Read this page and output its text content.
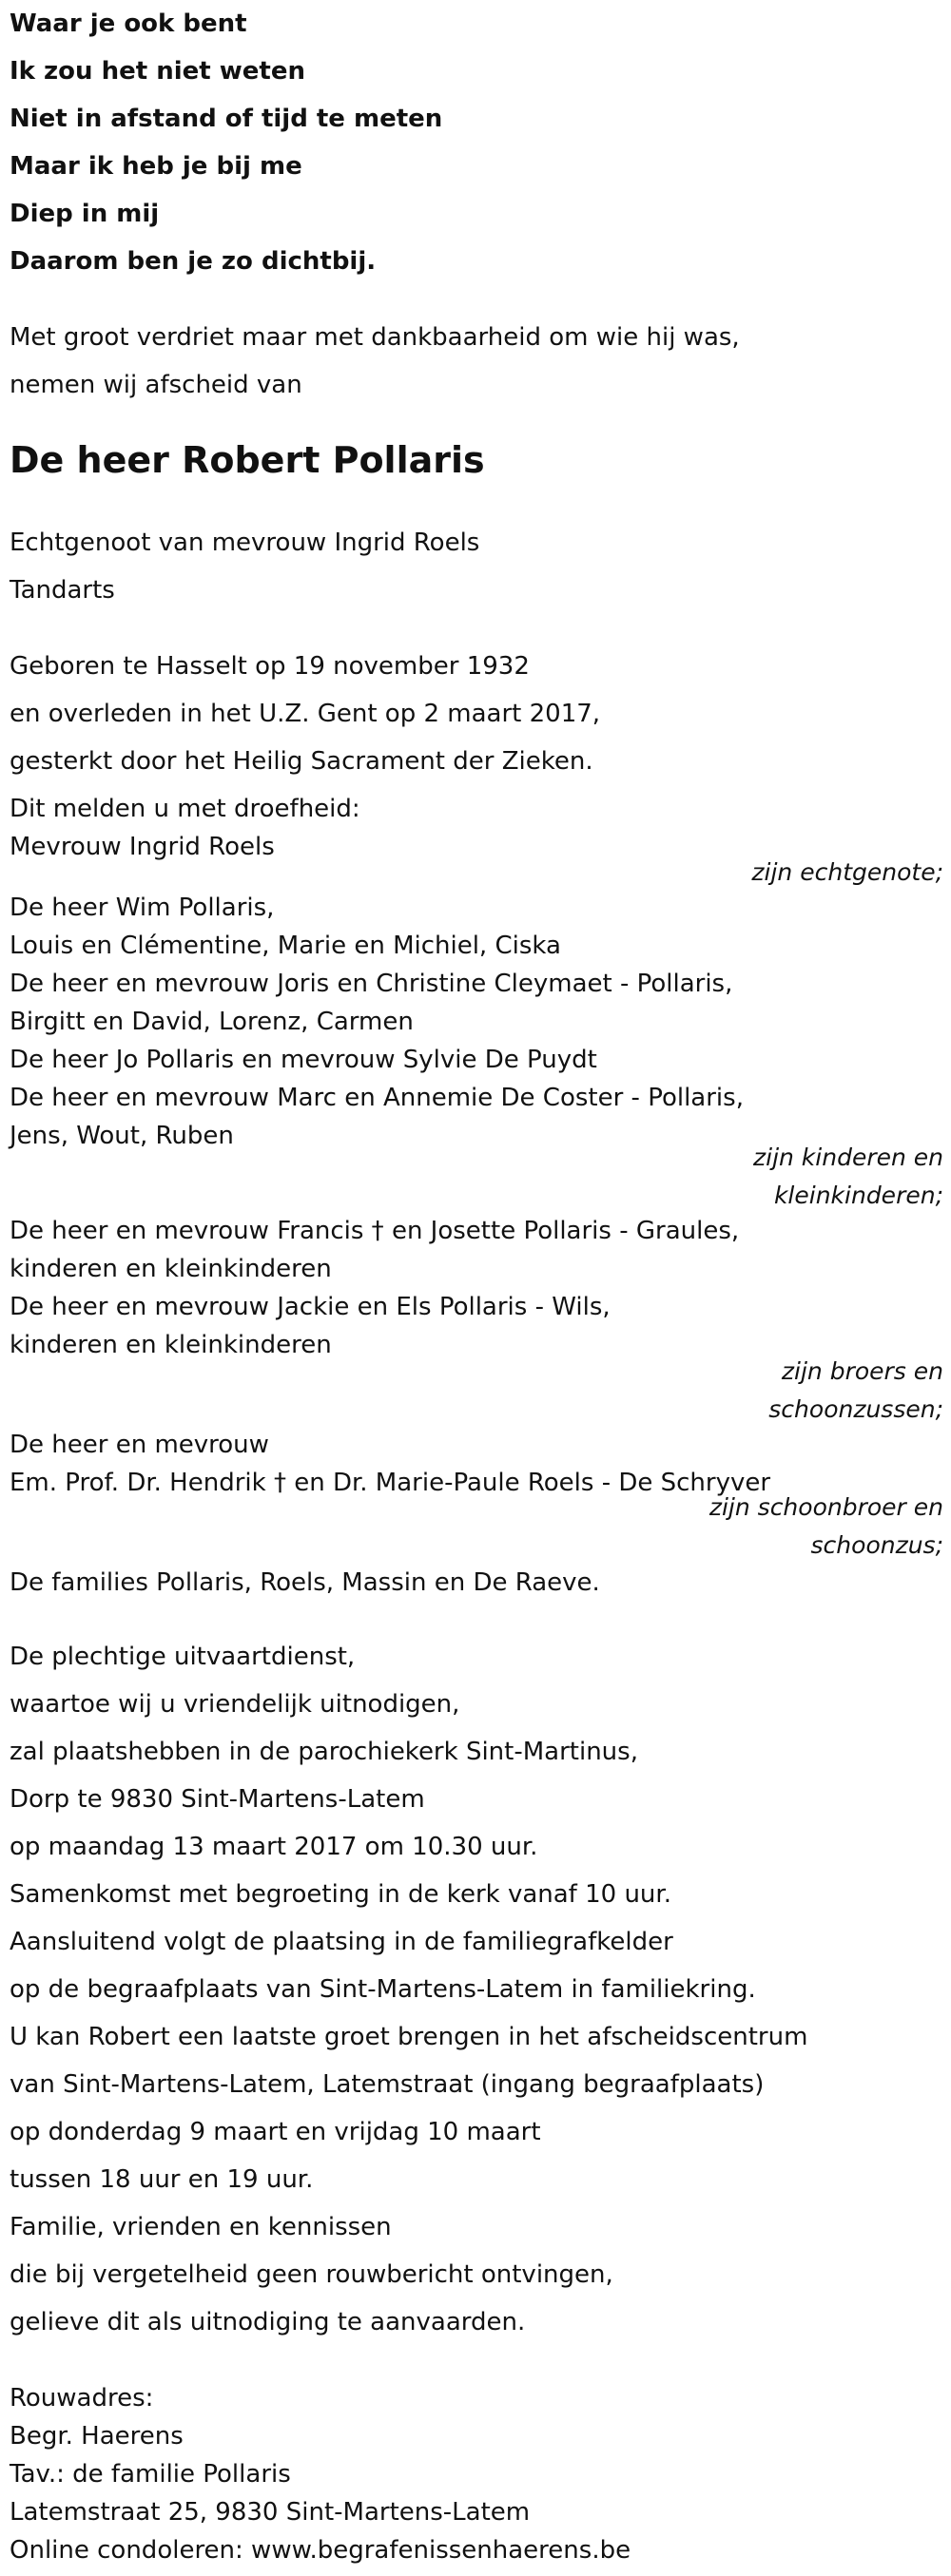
Waar je ook bent
Ik zou het niet weten
Niet in afstand of tijd te meten
Maar ik heb je bij me
Diep in mij
Daarom ben je zo dichtbij.
Met groot verdriet maar met dankbaarheid om wie hij was,
nemen wij afscheid van
De heer Robert Pollaris
Echtgenoot van mevrouw Ingrid Roels
Tandarts
Geboren te Hasselt op 19 november 1932
en overleden in het U.Z. Gent op 2 maart 2017,
gesterkt door het Heilig Sacrament der Zieken.
Dit melden u met droefheid:
Mevrouw Ingrid Roels
zijn echtgenote;
De heer Wim Pollaris,
Louis en Clémentine, Marie en Michiel, Ciska
De heer en mevrouw Joris en Christine Cleymaet - Pollaris,
Birgitt en David, Lorenz, Carmen
De heer Jo Pollaris en mevrouw Sylvie De Puydt
De heer en mevrouw Marc en Annemie De Coster - Pollaris,
Jens, Wout, Ruben
zijn kinderen en
kleinkinderen;
De heer en mevrouw Francis † en Josette Pollaris - Graules,
kinderen en kleinkinderen
De heer en mevrouw Jackie en Els Pollaris - Wils,
kinderen en kleinkinderen
zijn broers en
schoonzussen;
De heer en mevrouw
Em. Prof. Dr. Hendrik † en Dr. Marie-Paule Roels - De Schryver
zijn schoonbroer en
schoonzus;
De families Pollaris, Roels, Massin en De Raeve.
De plechtige uitvaartdienst,
waartoe wij u vriendelijk uitnodigen,
zal plaatshebben in de parochiekerk Sint-Martinus,
Dorp te 9830 Sint-Martens-Latem
op maandag 13 maart 2017 om 10.30 uur.
Samenkomst met begroeting in de kerk vanaf 10 uur.
Aansluitend volgt de plaatsing in de familiegrafkelder
op de begraafplaats van Sint-Martens-Latem in familiekring.
U kan Robert een laatste groet brengen in het afscheidscentrum
van Sint-Martens-Latem, Latemstraat (ingang begraafplaats)
op donderdag 9 maart en vrijdag 10 maart
tussen 18 uur en 19 uur.
Familie, vrienden en kennissen
die bij vergetelheid geen rouwbericht ontvingen,
gelieve dit als uitnodiging te aanvaarden.
Rouwadres:
Begr. Haerens
Tav.: de familie Pollaris
Latemstraat 25, 9830 Sint-Martens-Latem
Online condoleren: www.begrafenissenhaerens.be
